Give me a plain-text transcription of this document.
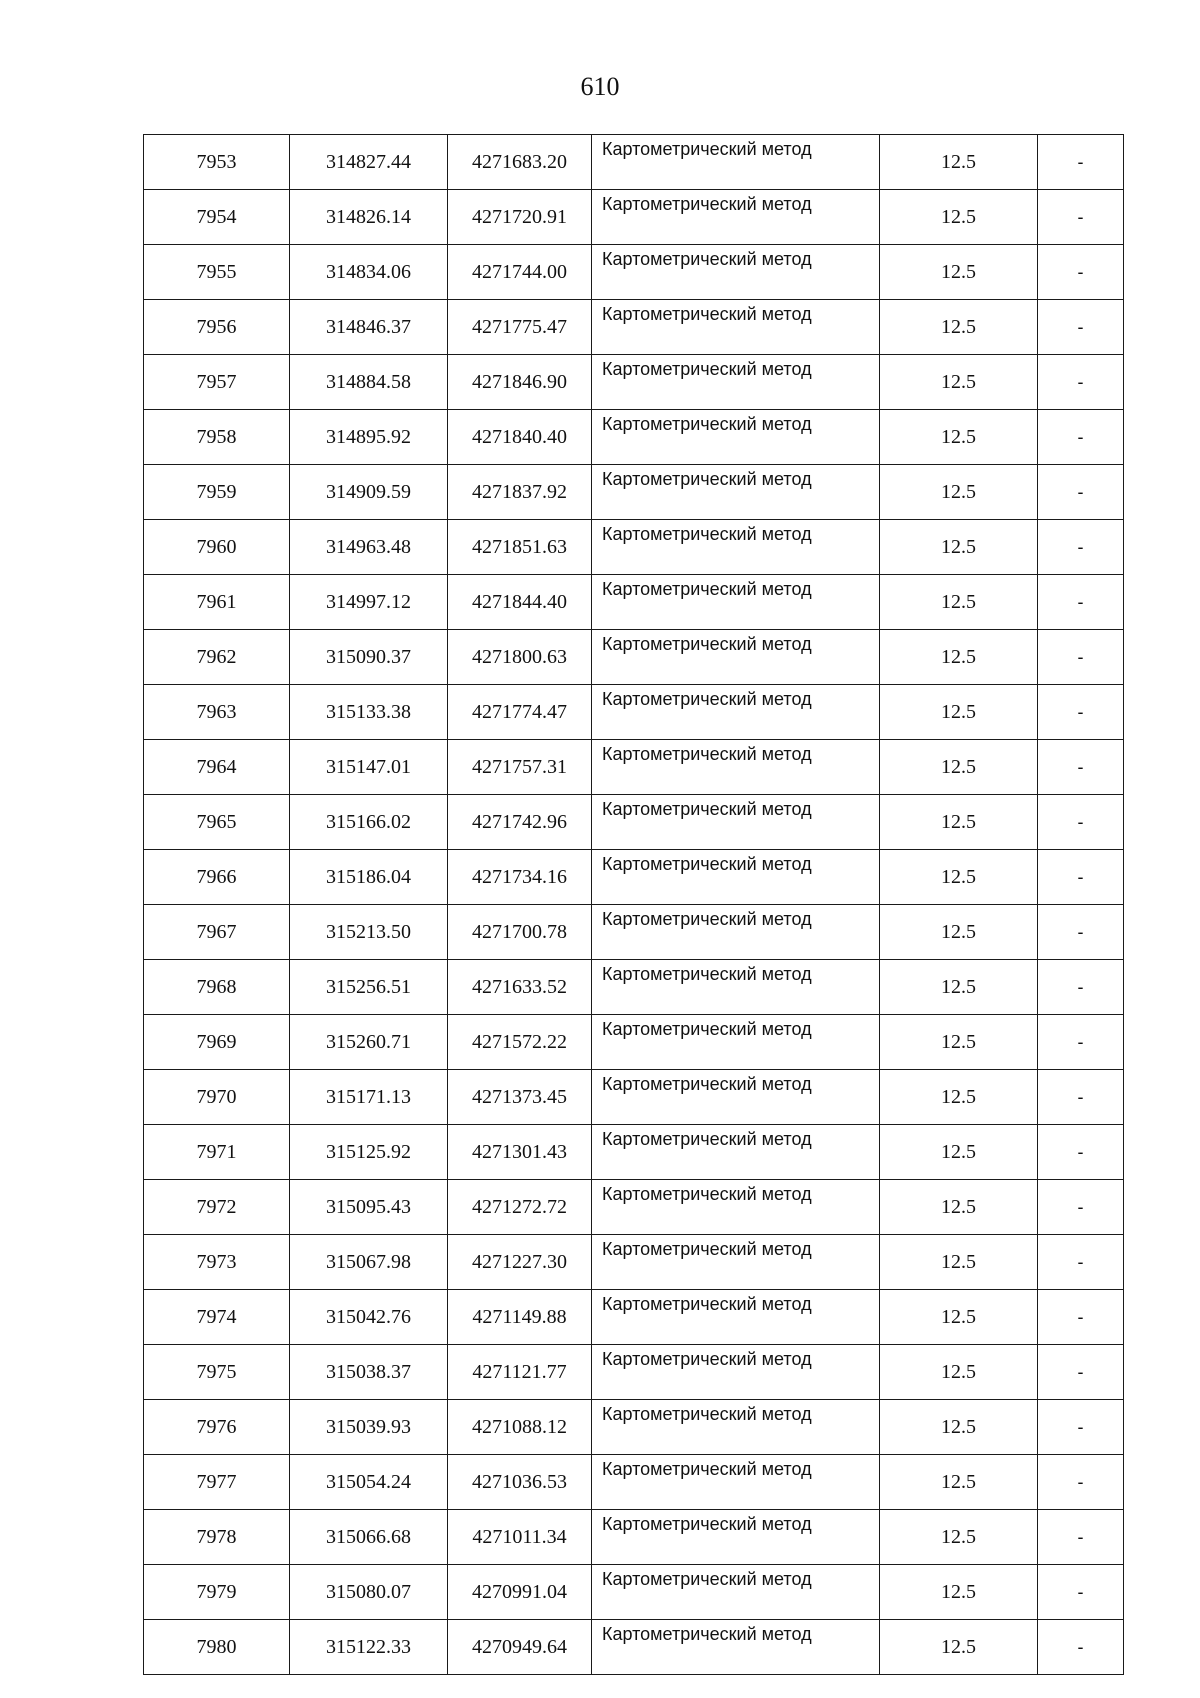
610
7953	314827.44	4271683.20	Картометрический метод	12.5	-
7954	314826.14	4271720.91	Картометрический метод	12.5	-
7955	314834.06	4271744.00	Картометрический метод	12.5	-
7956	314846.37	4271775.47	Картометрический метод	12.5	-
7957	314884.58	4271846.90	Картометрический метод	12.5	-
7958	314895.92	4271840.40	Картометрический метод	12.5	-
7959	314909.59	4271837.92	Картометрический метод	12.5	-
7960	314963.48	4271851.63	Картометрический метод	12.5	-
7961	314997.12	4271844.40	Картометрический метод	12.5	-
7962	315090.37	4271800.63	Картометрический метод	12.5	-
7963	315133.38	4271774.47	Картометрический метод	12.5	-
7964	315147.01	4271757.31	Картометрический метод	12.5	-
7965	315166.02	4271742.96	Картометрический метод	12.5	-
7966	315186.04	4271734.16	Картометрический метод	12.5	-
7967	315213.50	4271700.78	Картометрический метод	12.5	-
7968	315256.51	4271633.52	Картометрический метод	12.5	-
7969	315260.71	4271572.22	Картометрический метод	12.5	-
7970	315171.13	4271373.45	Картометрический метод	12.5	-
7971	315125.92	4271301.43	Картометрический метод	12.5	-
7972	315095.43	4271272.72	Картометрический метод	12.5	-
7973	315067.98	4271227.30	Картометрический метод	12.5	-
7974	315042.76	4271149.88	Картометрический метод	12.5	-
7975	315038.37	4271121.77	Картометрический метод	12.5	-
7976	315039.93	4271088.12	Картометрический метод	12.5	-
7977	315054.24	4271036.53	Картометрический метод	12.5	-
7978	315066.68	4271011.34	Картометрический метод	12.5	-
7979	315080.07	4270991.04	Картометрический метод	12.5	-
7980	315122.33	4270949.64	Картометрический метод	12.5	-
